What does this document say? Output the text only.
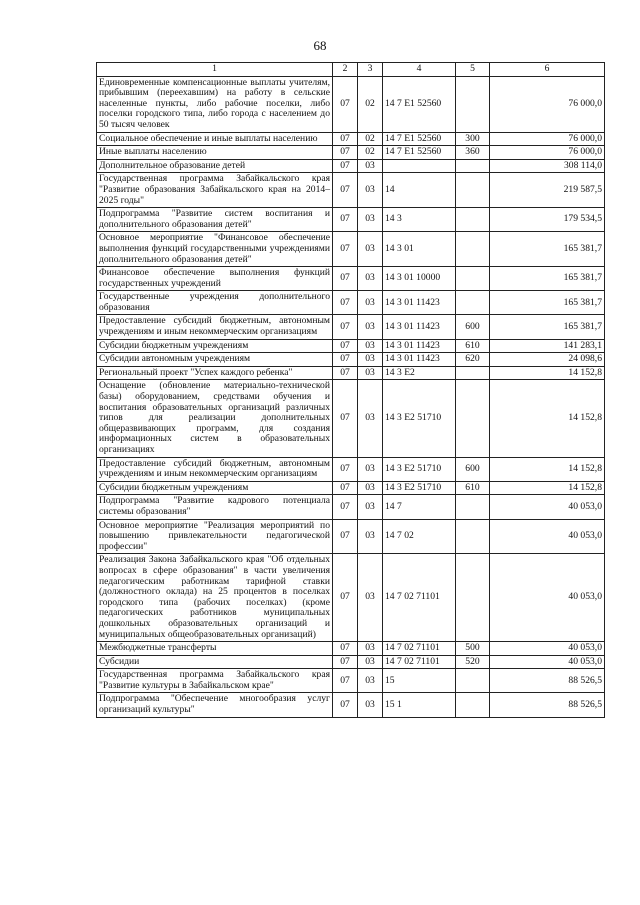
68
1	2	3	4	5	6
Единовременные компенсационные выплаты учителям, прибывшим (переехавшим) на работу в сельские населенные пункты, либо рабочие поселки, либо поселки городского типа, либо города с населением до 50 тысяч человек	07	02	14 7 E1 52560		76 000,0
Социальное обеспечение и иные выплаты населению	07	02	14 7 E1 52560	300	76 000,0
Иные выплаты населению	07	02	14 7 E1 52560	360	76 000,0
Дополнительное образование детей	07	03			308 114,0
Государственная программа Забайкальского края "Развитие образования Забайкальского края на 2014–2025 годы"	07	03	14		219 587,5
Подпрограмма "Развитие систем воспитания и дополнительного образования детей"	07	03	14 3		179 534,5
Основное мероприятие "Финансовое обеспечение выполнения функций государственными учреждениями дополнительного образования детей"	07	03	14 3 01		165 381,7
Финансовое обеспечение выполнения функций государственных учреждений	07	03	14 3 01 10000		165 381,7
Государственные учреждения дополнительного образования	07	03	14 3 01 11423		165 381,7
Предоставление субсидий бюджетным, автономным учреждениям и иным некоммерческим организациям	07	03	14 3 01 11423	600	165 381,7
Субсидии бюджетным учреждениям	07	03	14 3 01 11423	610	141 283,1
Субсидии автономным учреждениям	07	03	14 3 01 11423	620	24 098,6
Региональный проект "Успех каждого ребенка"	07	03	14 3 E2		14 152,8
Оснащение (обновление материально-технической базы) оборудованием, средствами обучения и воспитания образовательных организаций различных типов для реализации дополнительных общеразвивающих программ, для создания информационных систем в образовательных организациях	07	03	14 3 E2 51710		14 152,8
Предоставление субсидий бюджетным, автономным учреждениям и иным некоммерческим организациям	07	03	14 3 E2 51710	600	14 152,8
Субсидии бюджетным учреждениям	07	03	14 3 E2 51710	610	14 152,8
Подпрограмма "Развитие кадрового потенциала системы образования"	07	03	14 7		40 053,0
Основное мероприятие "Реализация мероприятий по повышению привлекательности педагогической профессии"	07	03	14 7 02		40 053,0
Реализация Закона Забайкальского края "Об отдельных вопросах в сфере образования" в части увеличения педагогическим работникам тарифной ставки (должностного оклада) на 25 процентов в поселках городского типа (рабочих поселках) (кроме педагогических работников муниципальных дошкольных образовательных организаций и муниципальных общеобразовательных организаций)	07	03	14 7 02 71101		40 053,0
Межбюджетные трансферты	07	03	14 7 02 71101	500	40 053,0
Субсидии	07	03	14 7 02 71101	520	40 053,0
Государственная программа Забайкальского края "Развитие культуры в Забайкальском крае"	07	03	15		88 526,5
Подпрограмма "Обеспечение многообразия услуг организаций культуры"	07	03	15 1		88 526,5
